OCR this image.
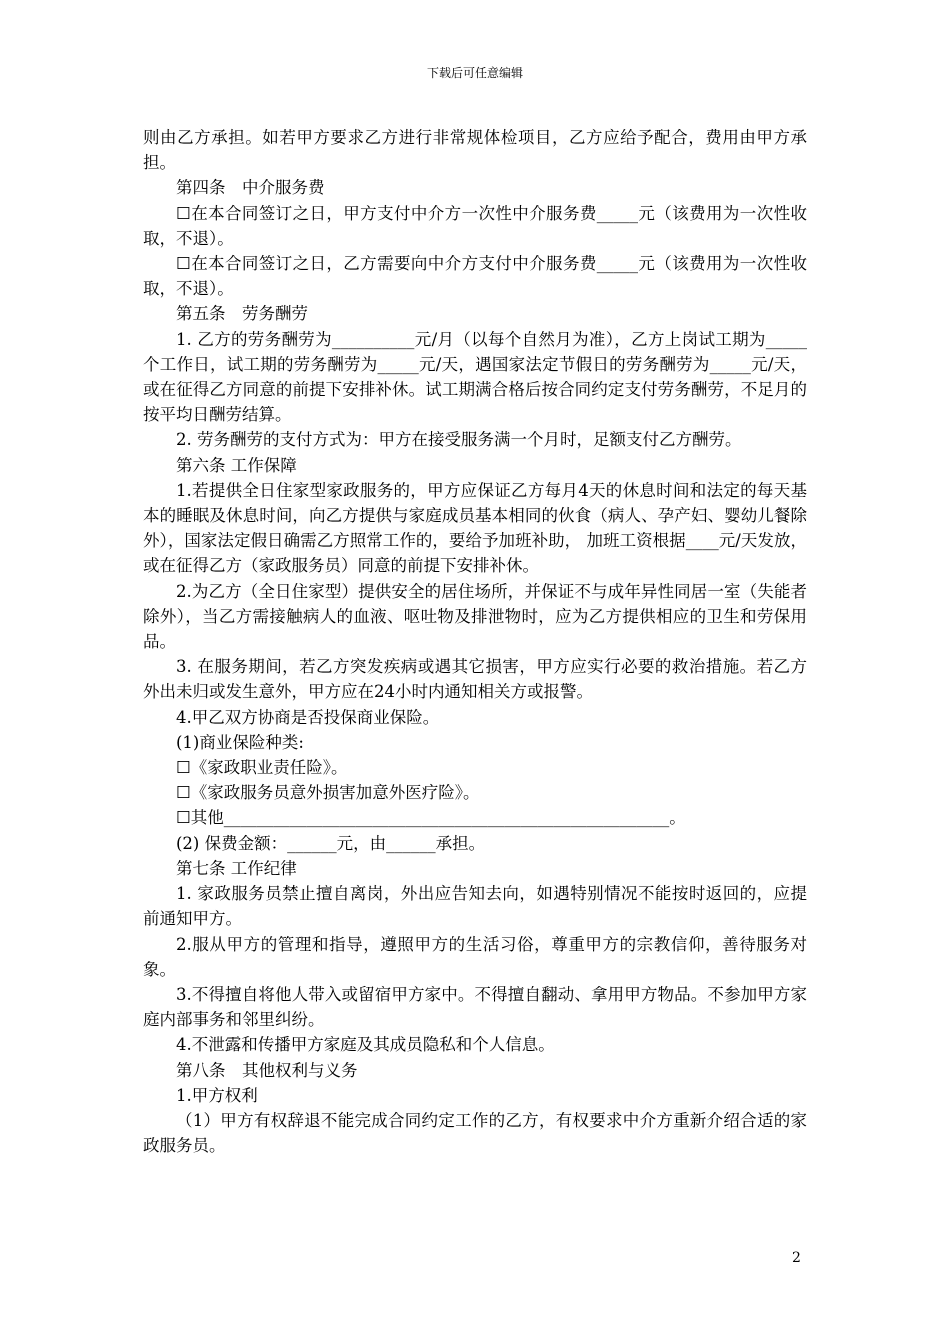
下载后可任意编辑

则由乙方承担。如若甲方要求乙方进行非常规体检项目，乙方应给予配合，费用由甲方承担。

第四条　中介服务费

☐在本合同签订之日，甲方支付中介方一次性中介服务费_____元（该费用为一次性收取，不退）。

☐在本合同签订之日，乙方需要向中介方支付中介服务费_____元（该费用为一次性收取，不退）。

第五条　劳务酬劳

1. 乙方的劳务酬劳为__________元/月（以每个自然月为准），乙方上岗试工期为_____个工作日，试工期的劳务酬劳为_____元/天，遇国家法定节假日的劳务酬劳为_____元/天，或在征得乙方同意的前提下安排补休。试工期满合格后按合同约定支付劳务酬劳，不足月的按平均日酬劳结算。

2. 劳务酬劳的支付方式为：甲方在接受服务满一个月时，足额支付乙方酬劳。

第六条 工作保障

1.若提供全日住家型家政服务的，甲方应保证乙方每月4天的休息时间和法定的每天基本的睡眠及休息时间，向乙方提供与家庭成员基本相同的伙食（病人、孕产妇、婴幼儿餐除外），国家法定假日确需乙方照常工作的，要给予加班补助， 加班工资根据____元/天发放，或在征得乙方（家政服务员）同意的前提下安排补休。

2.为乙方（全日住家型）提供安全的居住场所，并保证不与成年异性同居一室（失能者除外），当乙方需接触病人的血液、呕吐物及排泄物时，应为乙方提供相应的卫生和劳保用品。

3. 在服务期间，若乙方突发疾病或遇其它损害，甲方应实行必要的救治措施。若乙方外出未归或发生意外，甲方应在24小时内通知相关方或报警。

4.甲乙双方协商是否投保商业保险。

(1)商业保险种类:

☐《家政职业责任险》。

☐《家政服务员意外损害加意外医疗险》。

☐其他______________________________________________________。

(2) 保费金额：______元，由______承担。

第七条 工作纪律

1. 家政服务员禁止擅自离岗，外出应告知去向，如遇特别情况不能按时返回的，应提前通知甲方。

2.服从甲方的管理和指导，遵照甲方的生活习俗，尊重甲方的宗教信仰，善待服务对象。

3.不得擅自将他人带入或留宿甲方家中。不得擅自翻动、拿用甲方物品。不参加甲方家庭内部事务和邻里纠纷。

4.不泄露和传播甲方家庭及其成员隐私和个人信息。

第八条　其他权利与义务

1.甲方权利

（1）甲方有权辞退不能完成合同约定工作的乙方，有权要求中介方重新介绍合适的家政服务员。

2
